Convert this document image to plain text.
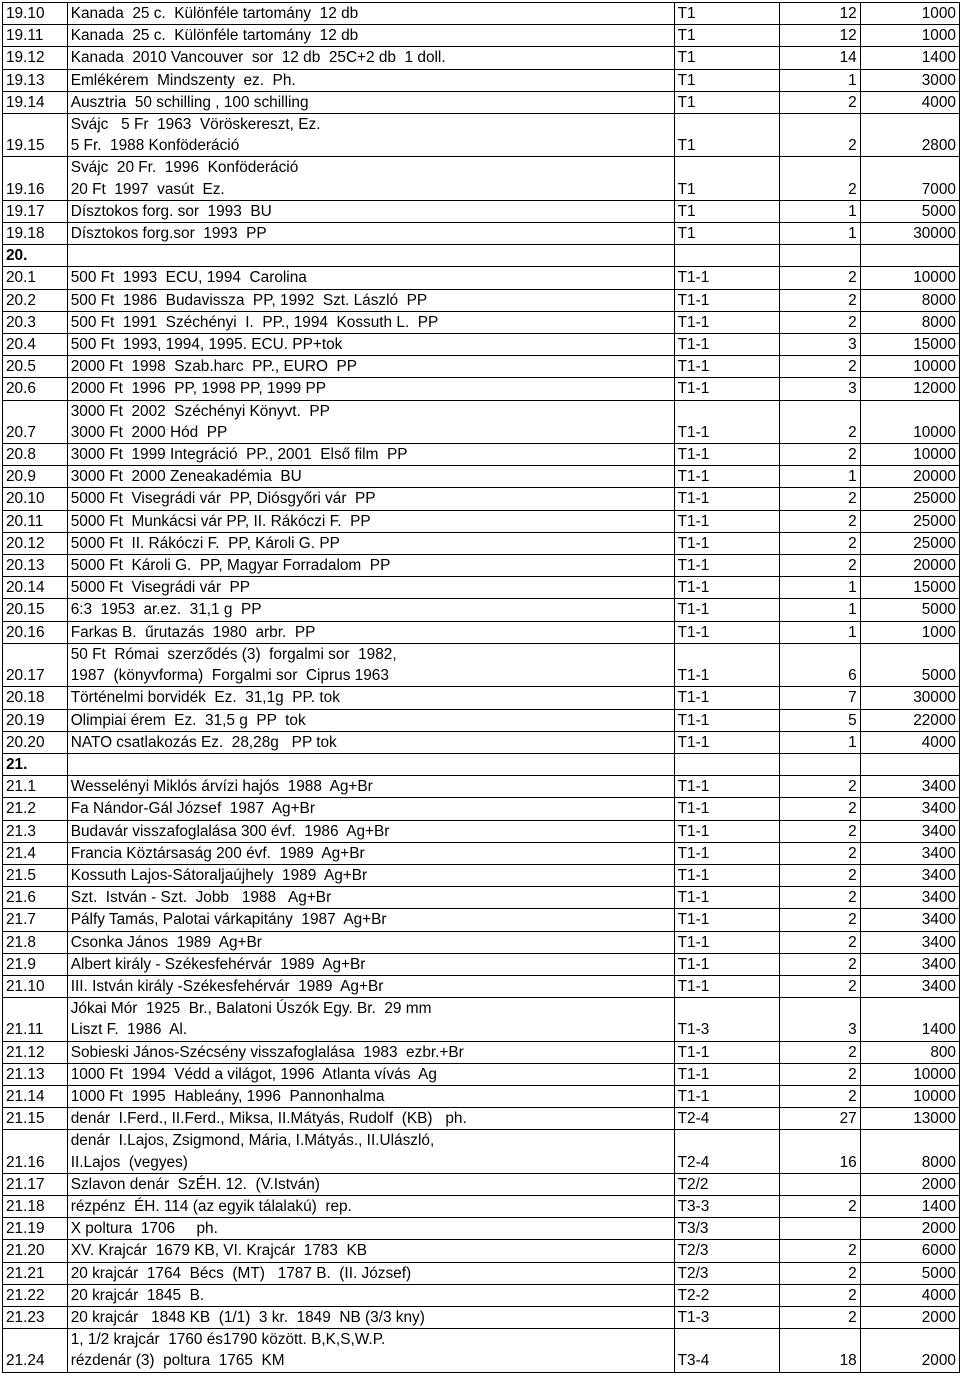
19.10	Kanada  25 c.  Különféle tartomány  12 db	T1	12	1000
19.11	Kanada  25 c.  Különféle tartomány  12 db	T1	12	1000
19.12	Kanada  2010 Vancouver  sor  12 db  25C+2 db  1 doll.	T1	14	1400
19.13	Emlékérem  Mindszenty  ez.  Ph.	T1	1	3000
19.14	Ausztria  50 schilling , 100 schilling	T1	2	4000
19.15	Svájc   5 Fr  1963  Vöröskereszt, Ez.
5 Fr.  1988 Konföderáció	T1	2	2800
19.16	Svájc  20 Fr.  1996  Konföderáció
20 Ft  1997  vasút  Ez.	T1	2	7000
19.17	Dísztokos forg. sor  1993  BU	T1	1	5000
19.18	Dísztokos forg.sor  1993  PP	T1	1	30000
20.				
20.1	500 Ft  1993  ECU, 1994  Carolina	T1-1	2	10000
20.2	500 Ft  1986  Budavissza  PP, 1992  Szt. László  PP	T1-1	2	8000
20.3	500 Ft  1991  Széchényi  I.  PP., 1994  Kossuth L.  PP	T1-1	2	8000
20.4	500 Ft  1993, 1994, 1995. ECU. PP+tok	T1-1	3	15000
20.5	2000 Ft  1998  Szab.harc  PP., EURO  PP	T1-1	2	10000
20.6	2000 Ft  1996  PP, 1998 PP, 1999 PP	T1-1	3	12000
20.7	3000 Ft  2002  Széchényi Könyvt.  PP
3000 Ft  2000 Hód  PP	T1-1	2	10000
20.8	3000 Ft  1999 Integráció  PP., 2001  Első film  PP	T1-1	2	10000
20.9	3000 Ft  2000 Zeneakadémia  BU	T1-1	1	20000
20.10	5000 Ft  Visegrádi vár  PP, Diósgyőri vár  PP	T1-1	2	25000
20.11	5000 Ft  Munkácsi vár PP, II. Rákóczi F.  PP	T1-1	2	25000
20.12	5000 Ft  II. Rákóczi F.  PP, Károli G. PP	T1-1	2	25000
20.13	5000 Ft  Károli G.  PP, Magyar Forradalom  PP	T1-1	2	20000
20.14	5000 Ft  Visegrádi vár  PP	T1-1	1	15000
20.15	6:3  1953  ar.ez.  31,1 g  PP	T1-1	1	5000
20.16	Farkas B.  űrutazás  1980  arbr.  PP	T1-1	1	1000
20.17	50 Ft  Római  szerződés (3)  forgalmi sor  1982,
1987  (könyvforma)  Forgalmi sor  Ciprus 1963	T1-1	6	5000
20.18	Történelmi borvidék  Ez.  31,1g  PP. tok	T1-1	7	30000
20.19	Olimpiai érem  Ez.  31,5 g  PP  tok	T1-1	5	22000
20.20	NATO csatlakozás Ez.  28,28g   PP tok	T1-1	1	4000
21.				
21.1	Wesselényi Miklós árvízi hajós  1988  Ag+Br	T1-1	2	3400
21.2	Fa Nándor-Gál József  1987  Ag+Br	T1-1	2	3400
21.3	Budavár visszafoglalása 300 évf.  1986  Ag+Br	T1-1	2	3400
21.4	Francia Köztársaság 200 évf.  1989  Ag+Br	T1-1	2	3400
21.5	Kossuth Lajos-Sátoraljaújhely  1989  Ag+Br	T1-1	2	3400
21.6	Szt.  István - Szt.  Jobb   1988   Ag+Br	T1-1	2	3400
21.7	Pálfy Tamás, Palotai várkapitány  1987  Ag+Br	T1-1	2	3400
21.8	Csonka János  1989  Ag+Br	T1-1	2	3400
21.9	Albert király - Székesfehérvár  1989  Ag+Br	T1-1	2	3400
21.10	III. István király -Székesfehérvár  1989  Ag+Br	T1-1	2	3400
21.11	Jókai Mór  1925  Br., Balatoni Úszók Egy. Br.  29 mm
Liszt F.  1986  Al.	T1-3	3	1400
21.12	Sobieski János-Szécsény visszafoglalása  1983  ezbr.+Br	T1-1	2	800
21.13	1000 Ft  1994  Védd a világot, 1996  Atlanta vívás  Ag	T1-1	2	10000
21.14	1000 Ft  1995  Hableány, 1996  Pannonhalma	T1-1	2	10000
21.15	denár  I.Ferd., II.Ferd., Miksa, II.Mátyás, Rudolf  (KB)   ph.	T2-4	27	13000
21.16	denár  I.Lajos, Zsigmond, Mária, I.Mátyás., II.Ulászló,
II.Lajos  (vegyes)	T2-4	16	8000
21.17	Szlavon denár  SzÉH. 12.  (V.István)	T2/2		2000
21.18	rézpénz  ÉH. 114 (az egyik tálalakú)  rep.	T3-3	2	1400
21.19	X poltura  1706     ph.	T3/3		2000
21.20	XV. Krajcár  1679 KB, VI. Krajcár  1783  KB	T2/3	2	6000
21.21	20 krajcár  1764  Bécs  (MT)   1787 B.  (II. József)	T2/3	2	5000
21.22	20 krajcár  1845  B.	T2-2	2	4000
21.23	20 krajcár   1848 KB  (1/1)  3 kr.  1849  NB (3/3 kny)	T1-3	2	2000
21.24	1, 1/2 krajcár  1760 és1790 között. B,K,S,W.P.
rézdenár (3)  poltura  1765  KM	T3-4	18	2000
